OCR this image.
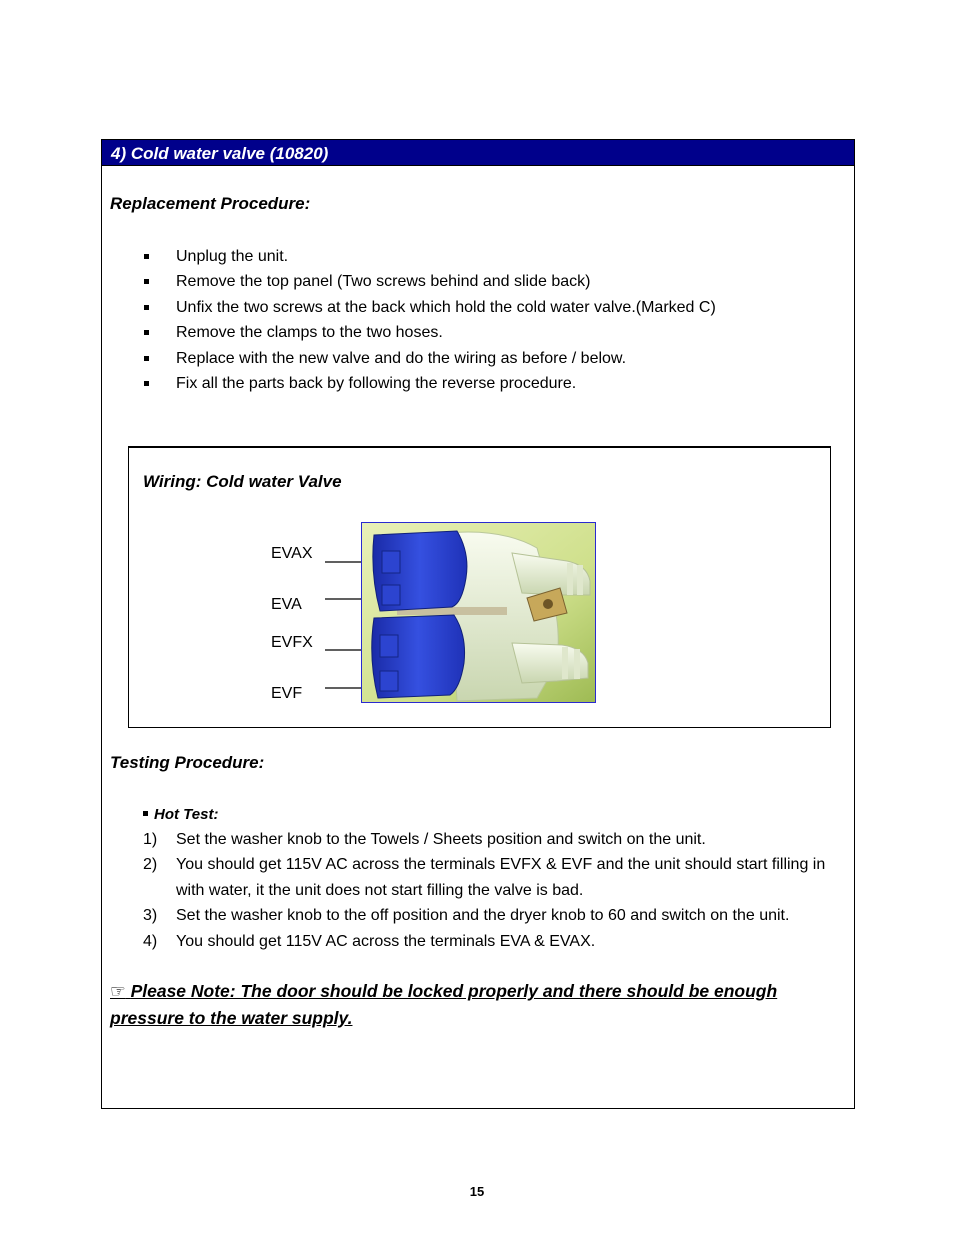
4) Cold water valve (10820)
Replacement Procedure:
Unplug the unit.
Remove the top panel (Two screws behind and slide back)
Unfix the two screws at the back which hold the cold water valve.(Marked C)
Remove the clamps to the two hoses.
Replace with the new valve and do the wiring as before / below.
Fix all the parts back by following the reverse procedure.
Wiring: Cold water Valve
EVAX
EVA
EVFX
EVF
Testing Procedure:
Hot Test:
1) Set the washer knob to the Towels / Sheets position and switch on the unit.
2) You should get 115V AC across the terminals EVFX & EVF and the unit should start filling in with water, it the unit does not start filling the valve is bad.
3) Set the washer knob to the off position and the dryer knob to 60 and switch on the unit.
4) You should get 115V AC across the terminals EVA & EVAX.
☞ Please Note: The door should be locked properly and there should be enough pressure to the water supply.
15
